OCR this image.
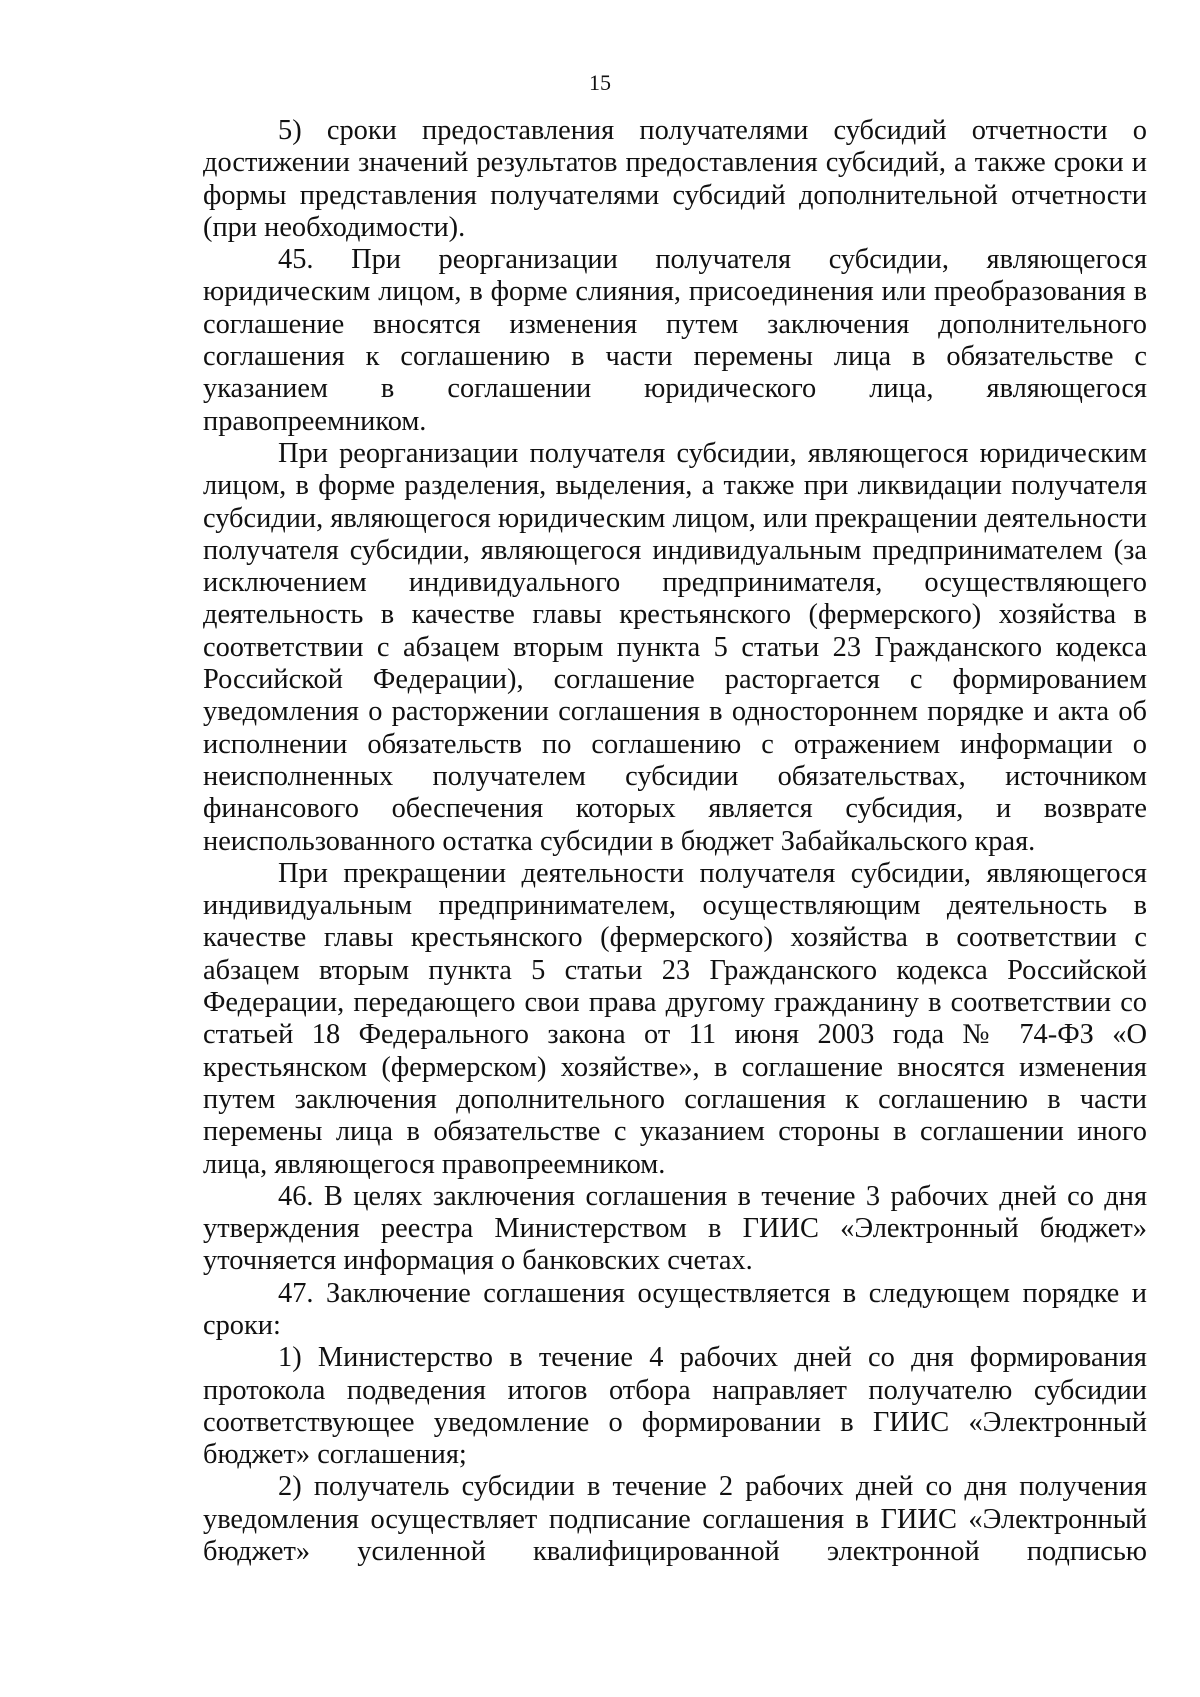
15

5) сроки предоставления получателями субсидий отчетности о достижении значений результатов предоставления субсидий, а также сроки и формы представления получателями субсидий дополнительной отчетности (при необходимости).

45. При реорганизации получателя субсидии, являющегося юридическим лицом, в форме слияния, присоединения или преобразования в соглашение вносятся изменения путем заключения дополнительного соглашения к соглашению в части перемены лица в обязательстве с указанием в соглашении юридического лица, являющегося правопреемником.

При реорганизации получателя субсидии, являющегося юридическим лицом, в форме разделения, выделения, а также при ликвидации получателя субсидии, являющегося юридическим лицом, или прекращении деятельности получателя субсидии, являющегося индивидуальным предпринимателем (за исключением индивидуального предпринимателя, осуществляющего деятельность в качестве главы крестьянского (фермерского) хозяйства в соответствии с абзацем вторым пункта 5 статьи 23 Гражданского кодекса Российской Федерации), соглашение расторгается с формированием уведомления о расторжении соглашения в одностороннем порядке и акта об исполнении обязательств по соглашению с отражением информации о неисполненных получателем субсидии обязательствах, источником финансового обеспечения которых является субсидия, и возврате неиспользованного остатка субсидии в бюджет Забайкальского края.

При прекращении деятельности получателя субсидии, являющегося индивидуальным предпринимателем, осуществляющим деятельность в качестве главы крестьянского (фермерского) хозяйства в соответствии с абзацем вторым пункта 5 статьи 23 Гражданского кодекса Российской Федерации, передающего свои права другому гражданину в соответствии со статьей 18 Федерального закона от 11 июня 2003 года № 74-ФЗ «О крестьянском (фермерском) хозяйстве», в соглашение вносятся изменения путем заключения дополнительного соглашения к соглашению в части перемены лица в обязательстве с указанием стороны в соглашении иного лица, являющегося правопреемником.

46. В целях заключения соглашения в течение 3 рабочих дней со дня утверждения реестра Министерством в ГИИС «Электронный бюджет» уточняется информация о банковских счетах.

47. Заключение соглашения осуществляется в следующем порядке и сроки:

1) Министерство в течение 4 рабочих дней со дня формирования протокола подведения итогов отбора направляет получателю субсидии соответствующее уведомление о формировании в ГИИС «Электронный бюджет» соглашения;

2) получатель субсидии в течение 2 рабочих дней со дня получения уведомления осуществляет подписание соглашения в ГИИС «Электронный бюджет» усиленной квалифицированной электронной подписью
